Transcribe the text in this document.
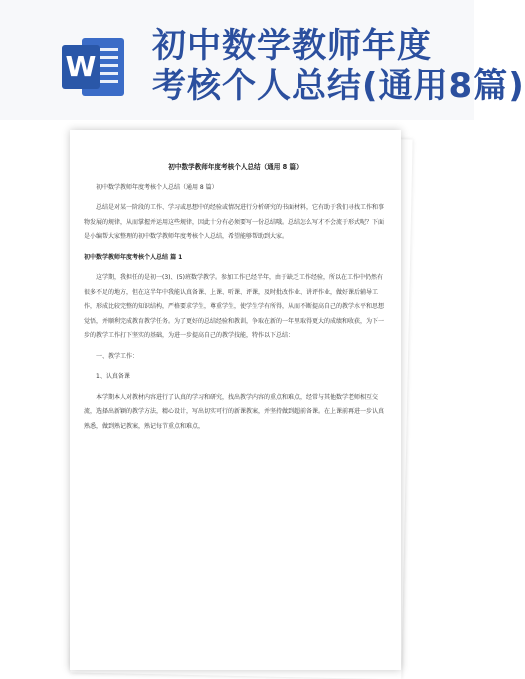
W
初中数学教师年度
考核个人总结(通用8篇)
初中数学教师年度考核个人总结（通用 8 篇）

初中数学教师年度考核个人总结（通用 8 篇）

总结是对某一阶段的工作、学习或思想中的经验或情况进行分析研究的书面材料，它有助于我们寻找工作和事物发展的规律，从而掌握并运用这些规律，因此十分有必须要写一份总结哦。总结怎么写才不会流于形式呢？下面是小编帮大家整理的初中数学教师年度考核个人总结，希望能够帮助到大家。

初中数学教师年度考核个人总结 篇 1

这学期，我担任的是初一(3)、(5)班数学教学。参加工作已经半年，由于缺乏工作经验，所以在工作中仍然有很多不足的地方，但在这半年中我能认真备课、上课、听课、评课，及时批改作业、讲评作业，做好课后辅导工作，形成比较完整的知识结构，严格要求学生，尊重学生，使学生学有所得，从而不断提高自己的教学水平和思想觉悟，并顺利完成教育教学任务。为了更好的总结经验和教训，争取在新的一年里取得更大的成绩和收获，为下一步的教学工作打下坚实的基础，为进一步提高自己的教学技能，特作以下总结：

一、教学工作：

1、认真备课

本学期本人对教材内容进行了认真的学习和研究，找出教学内容的重点和难点，经常与其他数学老师相互交流，选择出新颖的教学方法，精心设计，写出切实可行的新课教案，并坚持做到超前备课。在上课前再进一步认真熟悉，做到熟记教案，熟记每节重点和难点，
